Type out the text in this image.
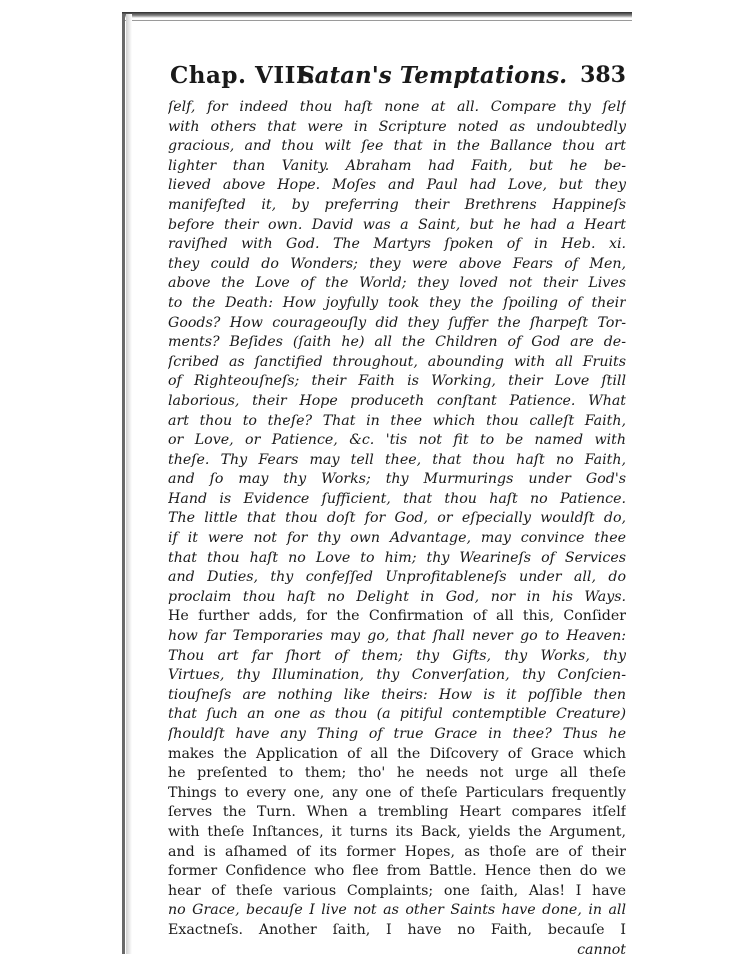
Chap. VIII.
Satan's Temptations. 383
ſelf, for indeed thou haſt none at all. Compare thy ſelf
with others that were in Scripture noted as undoubtedly
gracious, and thou wilt ſee that in the Ballance thou art
lighter than Vanity. Abraham had Faith, but he be-
lieved above Hope. Moſes and Paul had Love, but they
manifeſted it, by preferring their Brethrens Happineſs
before their own. David was a Saint, but he had a Heart
raviſhed with God. The Martyrs ſpoken of in Heb. xi.
they could do Wonders; they were above Fears of Men,
above the Love of the World; they loved not their Lives
to the Death: How joyfully took they the ſpoiling of their
Goods? How courageouſly did they ſuffer the ſharpeſt Tor-
ments? Beſides (ſaith he) all the Children of God are de-
ſcribed as ſanctified throughout, abounding with all Fruits
of Righteouſneſs; their Faith is Working, their Love ſtill
laborious, their Hope produceth conſtant Patience. What
art thou to theſe? That in thee which thou calleſt Faith,
or Love, or Patience, &c. 'tis not fit to be named with
theſe. Thy Fears may tell thee, that thou haſt no Faith,
and ſo may thy Works; thy Murmurings under God's
Hand is Evidence ſufficient, that thou haſt no Patience.
The little that thou doſt for God, or eſpecially wouldſt do,
if it were not for thy own Advantage, may convince thee
that thou haſt no Love to him; thy Wearineſs of Services
and Duties, thy confeſſed Unprofitableneſs under all, do
proclaim thou haſt no Delight in God, nor in his Ways.
He further adds, for the Confirmation of all this, Conſider
how far Temporaries may go, that ſhall never go to Heaven:
Thou art far ſhort of them; thy Gifts, thy Works, thy
Virtues, thy Illumination, thy Converſation, thy Conſcien-
tiouſneſs are nothing like theirs: How is it poſſible then
that ſuch an one as thou (a pitiful contemptible Creature)
ſhouldſt have any Thing of true Grace in thee? Thus he
makes the Application of all the Diſcovery of Grace which
he preſented to them; tho' he needs not urge all theſe
Things to every one, any one of theſe Particulars frequently
ſerves the Turn. When a trembling Heart compares itſelf
with theſe Inſtances, it turns its Back, yields the Argument,
and is aſhamed of its former Hopes, as thoſe are of their
former Confidence who flee from Battle. Hence then do we
hear of theſe various Complaints; one ſaith, Alas! I have
no Grace, becauſe I live not as other Saints have done, in all
Exactneſs. Another ſaith, I have no Faith, becauſe I
cannot
